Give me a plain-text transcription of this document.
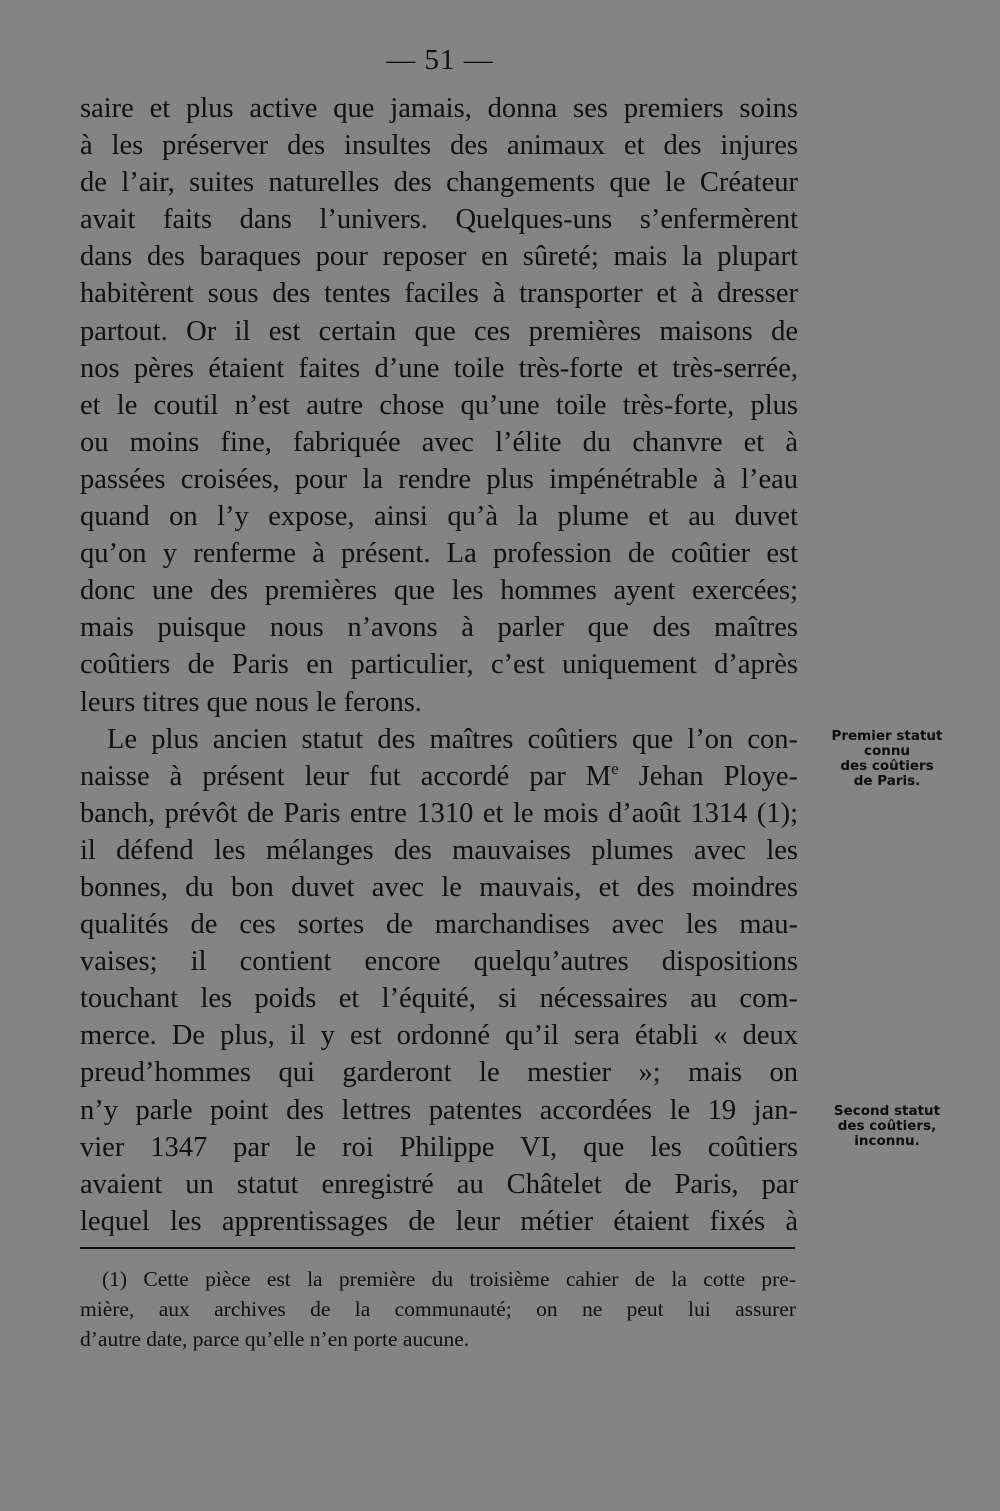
— 51 —
saire et plus active que jamais, donna ses premiers soins
à les préserver des insultes des animaux et des injures
de l’air, suites naturelles des changements que le Créateur
avait faits dans l’univers. Quelques-uns s’enfermèrent
dans des baraques pour reposer en sûreté; mais la plupart
habitèrent sous des tentes faciles à transporter et à dresser
partout. Or il est certain que ces premières maisons de
nos pères étaient faites d’une toile très-forte et très-serrée,
et le coutil n’est autre chose qu’une toile très-forte, plus
ou moins fine, fabriquée avec l’élite du chanvre et à
passées croisées, pour la rendre plus impénétrable à l’eau
quand on l’y expose, ainsi qu’à la plume et au duvet
qu’on y renferme à présent. La profession de coûtier est
donc une des premières que les hommes ayent exercées;
mais puisque nous n’avons à parler que des maîtres
coûtiers de Paris en particulier, c’est uniquement d’après
leurs titres que nous le ferons.
Le plus ancien statut des maîtres coûtiers que l’on con-
naisse à présent leur fut accordé par Me Jehan Ploye-
banch, prévôt de Paris entre 1310 et le mois d’août 1314 (1);
il défend les mélanges des mauvaises plumes avec les
bonnes, du bon duvet avec le mauvais, et des moindres
qualités de ces sortes de marchandises avec les mau-
vaises; il contient encore quelqu’autres dispositions
touchant les poids et l’équité, si nécessaires au com-
merce. De plus, il y est ordonné qu’il sera établi « deux
preud’hommes qui garderont le mestier »; mais on
n’y parle point des lettres patentes accordées le 19 jan-
vier 1347 par le roi Philippe VI, que les coûtiers
avaient un statut enregistré au Châtelet de Paris, par
lequel les apprentissages de leur métier étaient fixés à
Premier statut
connu
des coûtiers
de Paris.
Second statut
des coûtiers,
inconnu.
(1) Cette pièce est la première du troisième cahier de la cotte pre-
mière, aux archives de la communauté; on ne peut lui assurer
d’autre date, parce qu’elle n’en porte aucune.
